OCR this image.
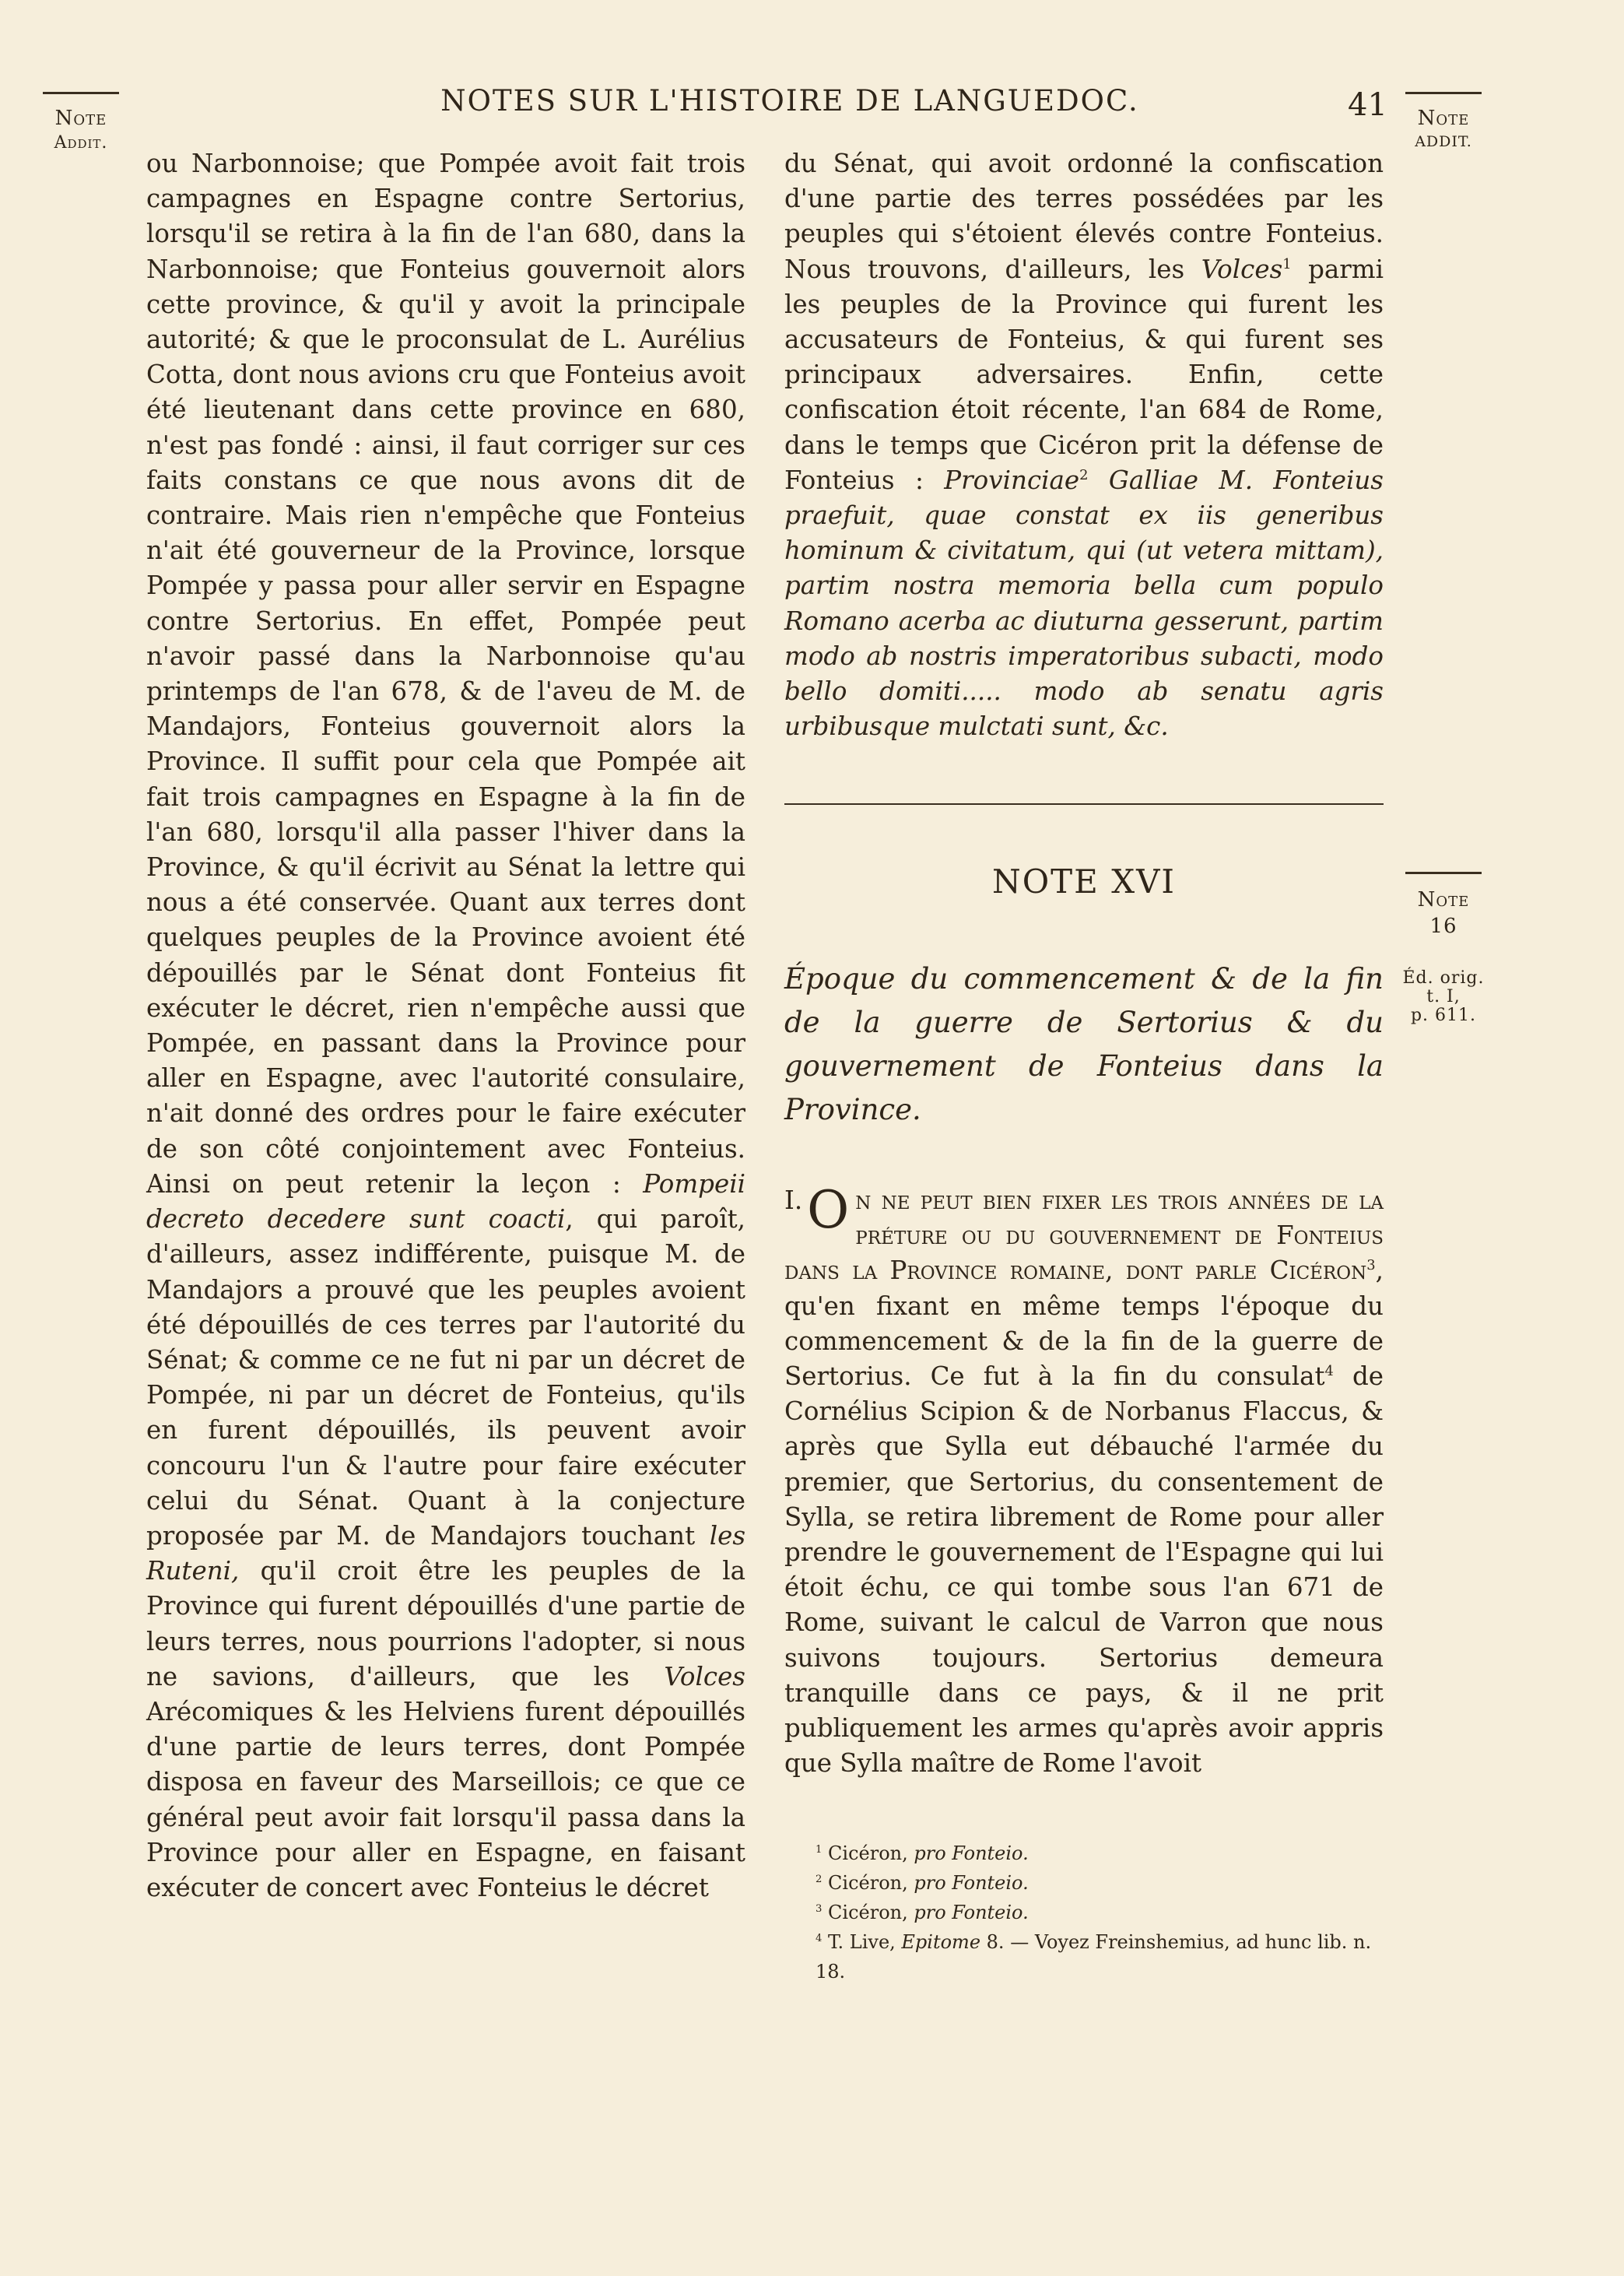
NOTES SUR L'HISTOIRE DE LANGUEDOC.	41
Note
Addit.
Note
ADDIT.
Note
16
Éd. orig.
t. I,
p. 611.

ou Narbonnoise; que Pompée avoit fait trois campagnes en Espagne contre Sertorius, lorsqu'il se retira à la fin de l'an 680, dans la Narbonnoise; que Fonteius gouvernoit alors cette province, & qu'il y avoit la principale autorité; & que le proconsulat de L. Aurélius Cotta, dont nous avions cru que Fonteius avoit été lieutenant dans cette province en 680, n'est pas fondé : ainsi, il faut corriger sur ces faits constans ce que nous avons dit de contraire. Mais rien n'empêche que Fonteius n'ait été gouverneur de la Province, lorsque Pompée y passa pour aller servir en Espagne contre Sertorius. En effet, Pompée peut n'avoir passé dans la Narbonnoise qu'au printemps de l'an 678, & de l'aveu de M. de Mandajors, Fonteius gouvernoit alors la Province. Il suffit pour cela que Pompée ait fait trois campagnes en Espagne à la fin de l'an 680, lorsqu'il alla passer l'hiver dans la Province, & qu'il écrivit au Sénat la lettre qui nous a été conservée. Quant aux terres dont quelques peuples de la Province avoient été dépouillés par le Sénat dont Fonteius fit exécuter le décret, rien n'empêche aussi que Pompée, en passant dans la Province pour aller en Espagne, avec l'autorité consulaire, n'ait donné des ordres pour le faire exécuter de son côté conjointement avec Fonteius. Ainsi on peut retenir la leçon : Pompeii decreto decedere sunt coacti, qui paroît, d'ailleurs, assez indifférente, puisque M. de Mandajors a prouvé que les peuples avoient été dépouillés de ces terres par l'autorité du Sénat; & comme ce ne fut ni par un décret de Pompée, ni par un décret de Fonteius, qu'ils en furent dépouillés, ils peuvent avoir concouru l'un & l'autre pour faire exécuter celui du Sénat. Quant à la conjecture proposée par M. de Mandajors touchant les Ruteni, qu'il croit être les peuples de la Province qui furent dépouillés d'une partie de leurs terres, nous pourrions l'adopter, si nous ne savions, d'ailleurs, que les Volces Arécomiques & les Helviens furent dépouillés d'une partie de leurs terres, dont Pompée disposa en faveur des Marseillois; ce que ce général peut avoir fait lorsqu'il passa dans la Province pour aller en Espagne, en faisant exécuter de concert avec Fonteius le décret

du Sénat, qui avoit ordonné la confiscation d'une partie des terres possédées par les peuples qui s'étoient élevés contre Fonteius. Nous trouvons, d'ailleurs, les Volces$^1$ parmi les peuples de la Province qui furent les accusateurs de Fonteius, & qui furent ses principaux adversaires. Enfin, cette confiscation étoit récente, l'an 684 de Rome, dans le temps que Cicéron prit la défense de Fonteius : Provinciae$^2$ Galliae M. Fonteius praefuit, quae constat ex iis generibus hominum & civitatum, qui (ut vetera mittam), partim nostra memoria bella cum populo Romano acerba ac diuturna gesserunt, partim modo ab nostris imperatoribus subacti, modo bello domiti..... modo ab senatu agris urbibusque mulctati sunt, &c.

NOTE XVI
Époque du commencement & de la fin de la guerre de Sertorius & du gouvernement de Fonteius dans la Province.

I. O n ne peut bien fixer les trois années de la préture ou du gouvernement de Fonteius dans la Province romaine, dont parle Cicéron$^3$, qu'en fixant en même temps l'époque du commencement & de la fin de la guerre de Sertorius. Ce fut à la fin du consulat$^4$ de Cornélius Scipion & de Norbanus Flaccus, & après que Sylla eut débauché l'armée du premier, que Sertorius, du consentement de Sylla, se retira librement de Rome pour aller prendre le gouvernement de l'Espagne qui lui étoit échu, ce qui tombe sous l'an 671 de Rome, suivant le calcul de Varron que nous suivons toujours. Sertorius demeura tranquille dans ce pays, & il ne prit publiquement les armes qu'après avoir appris que Sylla maître de Rome l'avoit

$^1$ Cicéron, pro Fonteio.
$^2$ Cicéron, pro Fonteio.
$^3$ Cicéron, pro Fonteio.
$^4$ T. Live, Epitome 8. — Voyez Freinshemius, ad hunc lib. n. 18.
